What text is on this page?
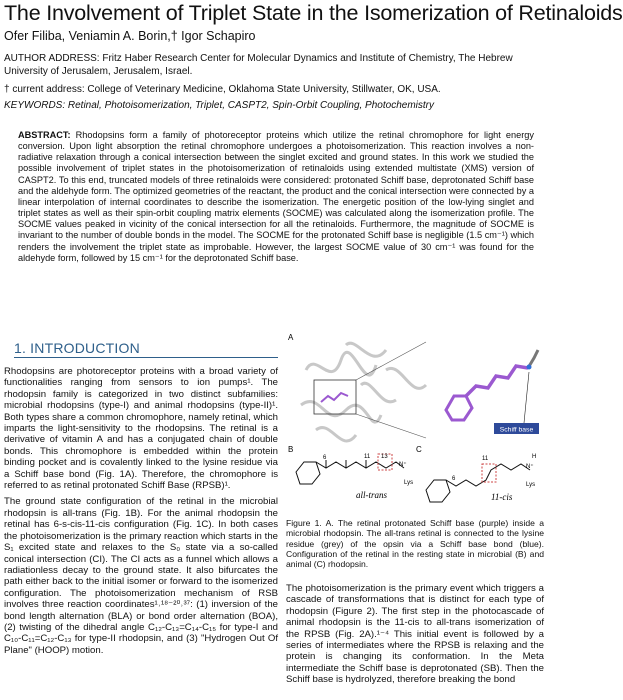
The Involvement of Triplet State in the Isomerization of Retinaloids
Ofer Filiba, Veniamin A. Borin,† Igor Schapiro
AUTHOR ADDRESS: Fritz Haber Research Center for Molecular Dynamics and Institute of Chemistry, The Hebrew University of Jerusalem, Jerusalem, Israel.
† current address: College of Veterinary Medicine, Oklahoma State University, Stillwater, OK, USA.
KEYWORDS: Retinal, Photoisomerization, Triplet, CASPT2, Spin-Orbit Coupling, Photochemistry
ABSTRACT: Rhodopsins form a family of photoreceptor proteins which utilize the retinal chromophore for light energy conversion. Upon light absorption the retinal chromophore undergoes a photoisomerization. This reaction involves a non-radiative relaxation through a conical intersection between the singlet excited and ground states. In this work we studied the possible involvement of triplet states in the photoisomerization of retinaloids using extended multistate (XMS) version of CASPT2. To this end, truncated models of three retinaloids were considered: protonated Schiff base, deprotonated Schiff base and the aldehyde form. The optimized geometries of the reactant, the product and the conical intersection were connected by a linear interpolation of internal coordinates to describe the isomerization. The energetic position of the low-lying singlet and triplet states as well as their spin-orbit coupling matrix elements (SOCME) was calculated along the isomerization profile. The SOCME values peaked in vicinity of the conical intersection for all the retinaloids. Furthermore, the magnitude of SOCME is invariant to the number of double bonds in the model. The SOCME for the protonated Schiff base is negligible (1.5 cm⁻¹) which renders the involvement the triplet state as improbable. However, the largest SOCME value of 30 cm⁻¹ was found for the aldehyde form, followed by 15 cm⁻¹ for the deprotonated Schiff base.
1. INTRODUCTION

Rhodopsins are photoreceptor proteins with a broad variety of functionalities ranging from sensors to ion pumps¹. The rhodopsin family is categorized in two distinct subfamilies: microbial rhodopsins (type-I) and animal rhodopsins (type-II)¹. Both types share a common chromophore, namely retinal, which imparts the light-sensitivity to the rhodopsins. The retinal is a derivative of vitamin A and has a conjugated chain of double bonds. This chromophore is embedded within the protein binding pocket and is covalently linked to the lysine residue via a Schiff base bond (Fig. 1A). Therefore, the chromophore is referred to as retinal protonated Schiff Base (RPSB)¹.

The ground state configuration of the retinal in the microbial rhodopsin is all-trans (Fig. 1B). For the animal rhodopsin the retinal has 6-s-cis-11-cis configuration (Fig. 1C). In both cases the photoisomerization is the primary reaction which starts in the S₁ excited state and relaxes to the S₀ state via a so-called conical intersection (CI). The CI acts as a funnel which allows a radiationless decay to the ground state. It also bifurcates the path either back to the initial isomer or forward to the isomerized configuration. The photoisomerization mechanism of RSB involves three reaction coordinates¹˒¹⁸⁻²⁰˒³⁷: (1) inversion of the bond length alternation (BLA) or bond order alternation (BOA), (2) twisting of the dihedral angle C₁₂-C₁₃=C₁₄-C₁₅ for type-I and C₁₀-C₁₁=C₁₂-C₁₃ for type-II rhodopsin, and (3) "Hydrogen Out Of Plane" (HOOP) motion.

Schiff base
A
B	C
6	11 13
N⁺
Lys
all-trans
11
6
N⁺
Lys
H
11-cis
Figure 1. A. The retinal protonated Schiff base (purple) inside a microbial rhodopsin. The all-trans retinal is connected to the lysine residue (grey) of the opsin via a Schiff base bond (blue). Configuration of the retinal in the resting state in microbial (B) and animal (C) rhodopsin.

The photoisomerization is the primary event which triggers a cascade of transformations that is distinct for each type of rhodopsin (Figure 2). The first step in the photocascade of animal rhodopsin is the 11-cis to all-trans isomerization of the RPSB (Fig. 2A).¹⁻⁴ This initial event is followed by a series of intermediates where the RPSB is relaxing and the protein is changing its conformation. In the Meta intermediate the Schiff base is deprotonated (SB). Then the Schiff base is hydrolyzed, therefore breaking the bond
